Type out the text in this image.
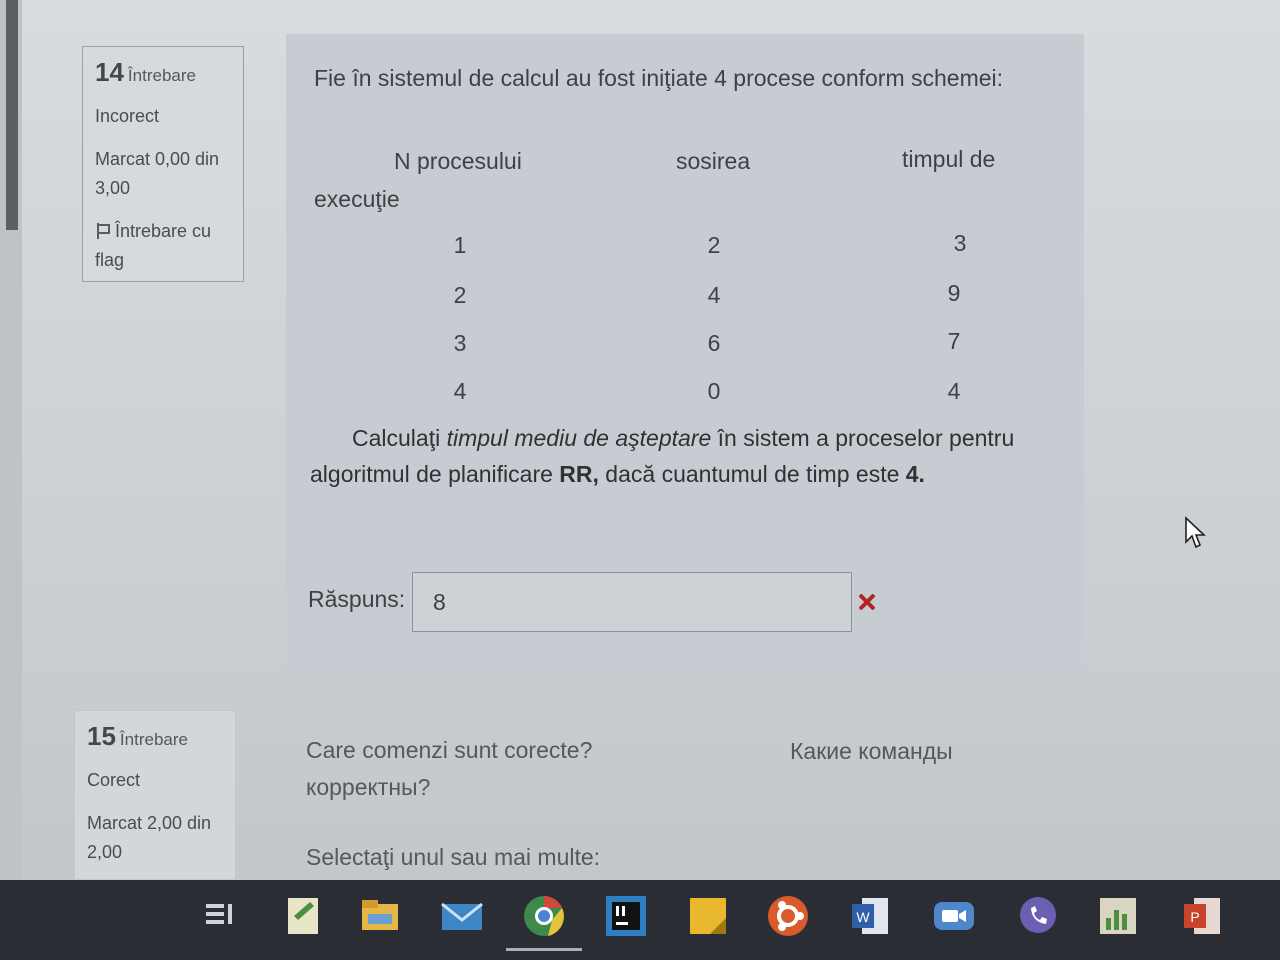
14 Întrebare
Incorect
Marcat 0,00 din 3,00
Întrebare cu flag
Fie în sistemul de calcul au fost iniţiate 4 procese conform schemei:
N procesului	sosirea	timpul de
execuţie
1	2	3
2	4	9
3	6	7
4	0	4
Calculaţi timpul mediu de aşteptare în sistem a proceselor pentru algoritmul de planificare RR, dacă cuantumul de timp este 4.
Răspuns:
8
15 Întrebare
Corect
Marcat 2,00 din 2,00
Care comenzi sunt corecte?
корректны?
Какие команды
Selectaţi unul sau mai multe:
W	P
